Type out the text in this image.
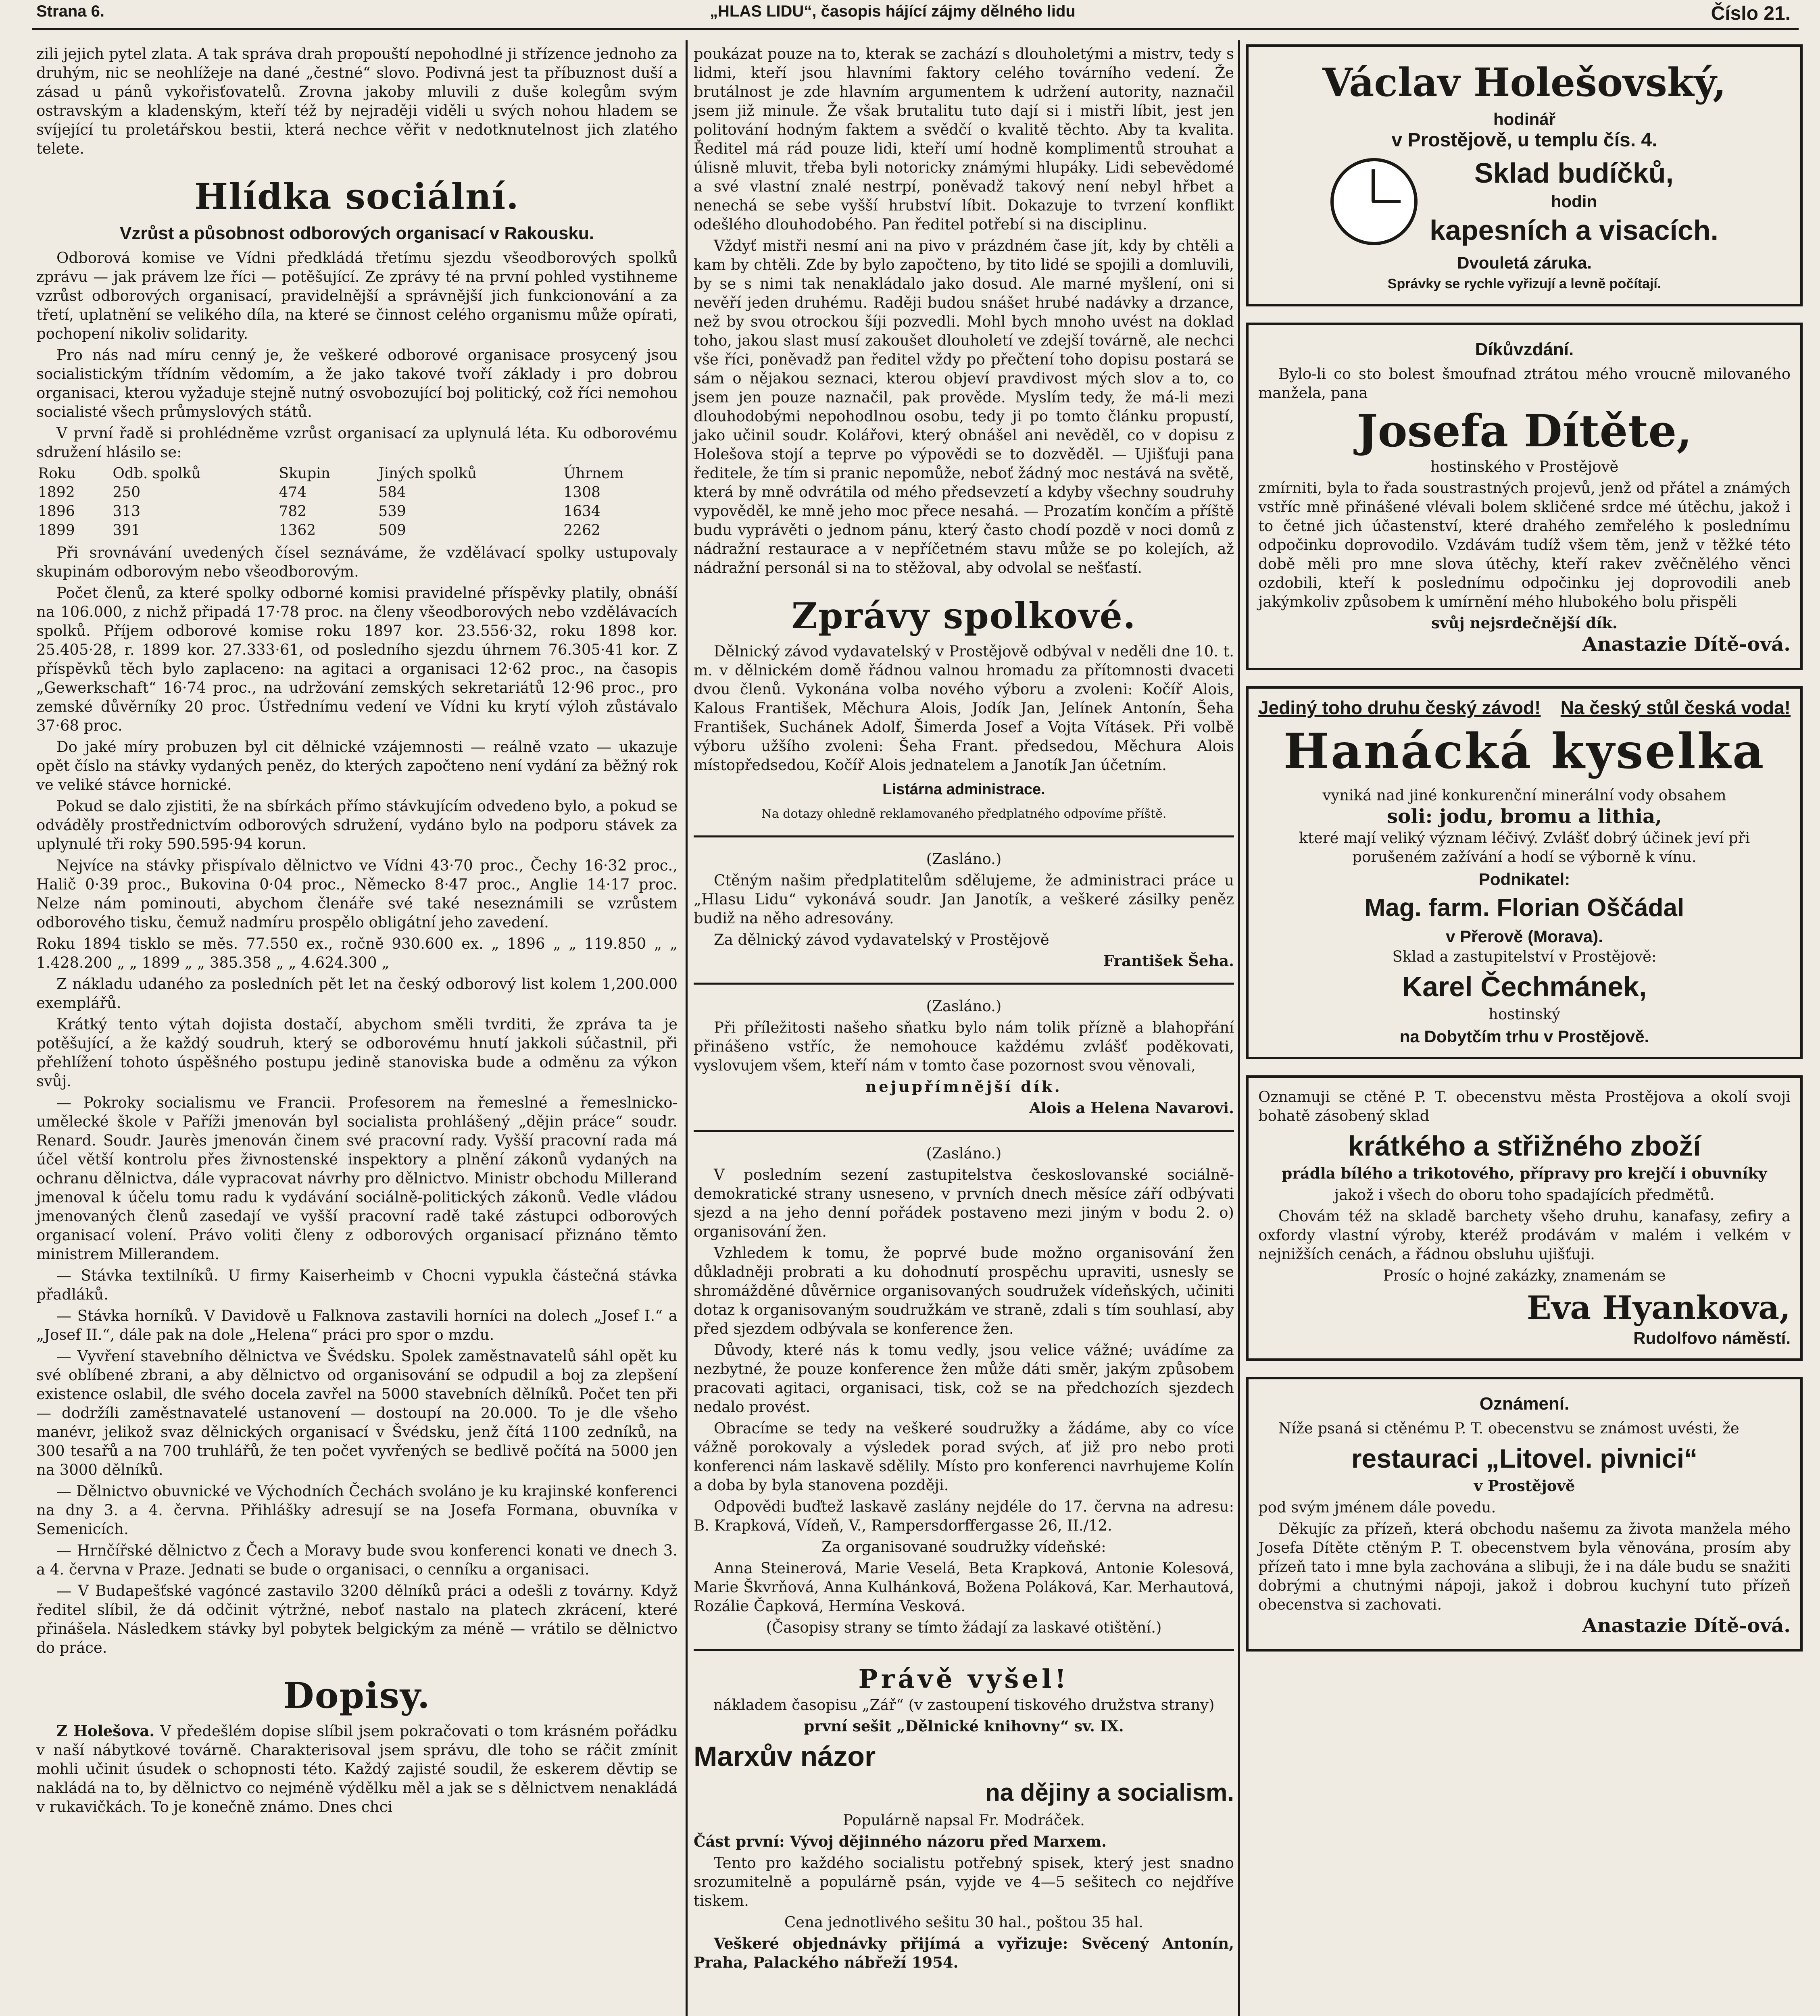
Strana 6.	„HLAS LIDU“, časopis hájící zájmy dělného lidu	Číslo 21.

zili jejich pytel zlata. A tak správa drah propouští nepohodlné ji střízence jednoho za druhým, nic se neohlížeje na dané „čestné“ slovo. Podivná jest ta příbuznost duší a zásad u pánů vykořisťovatelů. Zrovna jakoby mluvili z duše kolegům svým ostravským a kladenským, kteří též by nejraději viděli u svých nohou hladem se svíjející tu proletářskou bestii, která nechce věřit v nedotknutelnost jich zlatého telete.

Hlídka sociální.
Vzrůst a působnost odborových organisací v Rakousku.

Odborová komise ve Vídni předkládá třetímu sjezdu všeodborových spolků zprávu — jak právem lze říci — potěšující. Ze zprávy té na první pohled vystihneme vzrůst odborových organisací, pravidelnější a správnější jich funkcionování a za třetí, uplatnění se velikého díla, na které se činnost celého organismu může opírati, pochopení nikoliv solidarity.

Pro nás nad míru cenný je, že veškeré odborové organisace prosycený jsou socialistickým třídním vědomím, a že jako takové tvoří základy i pro dobrou organisaci, kterou vyžaduje stejně nutný osvobozující boj politický, což říci nemohou socialisté všech průmyslových států.

V první řadě si prohlédněme vzrůst organisací za uplynulá léta. Ku odborovému sdružení hlásilo se:

Roku	Odb. spolků	Skupin	Jiných spolků	Úhrnem
1892	250	474	584	1308
1896	313	782	539	1634
1899	391	1362	509	2262

Při srovnávání uvedených čísel seznáváme, že vzdělávací spolky ustupovaly skupinám odborovým nebo všeodborovým.

Počet členů, za které spolky odborné komisi pravidelné příspěvky platily, obnáší na 106.000, z nichž připadá 17·78 proc. na členy všeodborových nebo vzdělávacích spolků. Příjem odborové komise roku 1897 kor. 23.556·32, roku 1898 kor. 25.405·28, r. 1899 kor. 27.333·61, od posledního sjezdu úhrnem 76.305·41 kor. Z příspěvků těch bylo zaplaceno: na agitaci a organisaci 12·62 proc., na časopis „Gewerkschaft“ 16·74 proc., na udržování zemských sekretariátů 12·96 proc., pro zemské důvěrníky 20 proc. Ústřednímu vedení ve Vídni ku krytí výloh zůstávalo 37·68 proc.

Do jaké míry probuzen byl cit dělnické vzájemnosti — reálně vzato — ukazuje opět číslo na stávky vydaných peněz, do kterých započteno není vydání za běžný rok ve veliké stávce hornické.

Pokud se dalo zjistiti, že na sbírkách přímo stávkujícím odvedeno bylo, a pokud se odváděly prostřednictvím odborových sdružení, vydáno bylo na podporu stávek za uplynulé tři roky 590.595·94 korun.

Nejvíce na stávky přispívalo dělnictvo ve Vídni 43·70 proc., Čechy 16·32 proc., Halič 0·39 proc., Bukovina 0·04 proc., Německo 8·47 proc., Anglie 14·17 proc. Nelze nám pominouti, abychom členáře své také neseznámili se vzrůstem odborového tisku, čemuž nadmíru prospělo obligátní jeho zavedení.

Roku 1894 tisklo se měs. 77.550 ex., ročně 930.600 ex. „ 1896 „ „ 119.850 „ „ 1.428.200 „ „ 1899 „ „ 385.358 „ „ 4.624.300 „

Z nákladu udaného za posledních pět let na český odborový list kolem 1,200.000 exemplářů.

Krátký tento výtah dojista dostačí, abychom směli tvrditi, že zpráva ta je potěšující, a že každý soudruh, který se odborovému hnutí jakkoli súčastnil, při přehlížení tohoto úspěšného postupu jedině stanoviska bude a odměnu za výkon svůj.

— Pokroky socialismu ve Francii. Profesorem na řemeslné a řemeslnicko-umělecké škole v Paříži jmenován byl socialista prohlášený „dějin práce“ soudr. Renard. Soudr. Jaurès jmenován činem své pracovní rady. Vyšší pracovní rada má účel větší kontrolu přes živnostenské inspektory a plnění zákonů vydaných na ochranu dělnictva, dále vypracovat návrhy pro dělnictvo. Ministr obchodu Millerand jmenoval k účelu tomu radu k vydávání sociálně-politických zákonů. Vedle vládou jmenovaných členů zasedají ve vyšší pracovní radě také zástupci odborových organisací volení. Právo voliti členy z odborových organisací přiznáno těmto ministrem Millerandem.

— Stávka textilníků. U firmy Kaiserheimb v Chocni vypukla částečná stávka přadláků.

— Stávka horníků. V Davidově u Falknova zastavili horníci na dolech „Josef I.“ a „Josef II.“, dále pak na dole „Helena“ práci pro spor o mzdu.

— Vyvření stavebního dělnictva ve Švédsku. Spolek zaměstnavatelů sáhl opět ku své oblíbené zbrani, a aby dělnictvo od organisování se odpudil a boj za zlepšení existence oslabil, dle svého docela zavřel na 5000 stavebních dělníků. Počet ten při — dodržíli zaměstnavatelé ustanovení — dostoupí na 20.000. To je dle všeho manévr, jelikož svaz dělnických organisací v Švédsku, jenž čítá 1100 zedníků, na 300 tesařů a na 700 truhlářů, že ten počet vyvřených se bedlivě počítá na 5000 jen na 3000 dělníků.

— Dělnictvo obuvnické ve Východních Čechách svoláno je ku krajinské konferenci na dny 3. a 4. června. Přihlášky adresují se na Josefa Formana, obuvníka v Semenicích.

— Hrnčířské dělnictvo z Čech a Moravy bude svou konferenci konati ve dnech 3. a 4. června v Praze. Jednati se bude o organisaci, o cenníku a organisaci.

— V Budapešťské vagóncé zastavilo 3200 dělníků práci a odešli z továrny. Když ředitel slíbil, že dá odčinit výtržné, neboť nastalo na platech zkrácení, které přinášela. Následkem stávky byl pobytek belgickým za méně — vrátilo se dělnictvo do práce.

Dopisy.

Z Holešova. V předešlém dopise slíbil jsem pokračovati o tom krásném pořádku v naší nábytkové továrně. Charakterisoval jsem správu, dle toho se ráčit zmínit mohli učinit úsudek o schopnosti této. Každý zajisté soudil, že eskerem děvtip se nakládá na to, by dělnictvo co nejméně výdělku měl a jak se s dělnictvem nenakládá v rukavičkách. To je konečně známo. Dnes chci

poukázat pouze na to, kterak se zachází s dlouholetými a mistrv, tedy s lidmi, kteří jsou hlavními faktory celého továrního vedení. Že brutálnost je zde hlavním argumentem k udržení autority, naznačil jsem již minule. Že však brutalitu tuto dají si i mistři líbit, jest jen politování hodným faktem a svědčí o kvalitě těchto. Aby ta kvalita. Ředitel má rád pouze lidi, kteří umí hodně komplimentů strouhat a úlisně mluvit, třeba byli notoricky známými hlupáky. Lidi sebevědomé a své vlastní znalé nestrpí, poněvadž takový není nebyl hřbet a nenechá se sebe vyšší hrubství líbit. Dokazuje to tvrzení konflikt odešlého dlouhodobého. Pan ředitel potřebí si na disciplinu.

Vždyť mistři nesmí ani na pivo v prázdném čase jít, kdy by chtěli a kam by chtěli. Zde by bylo započteno, by tito lidé se spojili a domluvili, by se s nimi tak nenakládalo jako dosud. Ale marné myšlení, oni si nevěří jeden druhému. Raději budou snášet hrubé nadávky a drzance, než by svou otrockou šíji pozvedli. Mohl bych mnoho uvést na doklad toho, jakou slast musí zakoušet dlouholetí ve zdejší továrně, ale nechci vše říci, poněvadž pan ředitel vždy po přečtení toho dopisu postará se sám o nějakou seznaci, kterou objeví pravdivost mých slov a to, co jsem jen pouze naznačil, pak prověde. Myslím tedy, že má-li mezi dlouhodobými nepohodlnou osobu, tedy ji po tomto článku propustí, jako učinil soudr. Kolářovi, který obnášel ani nevěděl, co v dopisu z Holešova stojí a teprve po výpovědi se to dozvěděl. — Ujišťuji pana ředitele, že tím si pranic nepomůže, neboť žádný moc nestává na světě, která by mně odvrátila od mého předsevzetí a kdyby všechny soudruhy vypověděl, ke mně jeho moc přece nesahá. — Prozatím končím a příště budu vyprávěti o jednom pánu, který často chodí pozdě v noci domů z nádražní restaurace a v nepříčetném stavu může se po kolejích, až nádražní personál si na to stěžoval, aby odvolal se nešťastí.

Zprávy spolkové.

Dělnický závod vydavatelský v Prostějově odbýval v neděli dne 10. t. m. v dělnickém domě řádnou valnou hromadu za přítomnosti dvaceti dvou členů. Vykonána volba nového výboru a zvoleni: Kočíř Alois, Kalous František, Měchura Alois, Jodík Jan, Jelínek Antonín, Šeha František, Suchánek Adolf, Šimerda Josef a Vojta Vításek. Při volbě výboru užšího zvoleni: Šeha Frant. předsedou, Měchura Alois místopředsedou, Kočíř Alois jednatelem a Janotík Jan účetním.

Listárna administrace.

Na dotazy ohledně reklamovaného předplatného odpovíme příště.

(Zasláno.)

Ctěným našim předplatitelům sdělujeme, že administraci práce u „Hlasu Lidu“ vykonává soudr. Jan Janotík, a veškeré zásilky peněz budiž na něho adresovány.

Za dělnický závod vydavatelský v Prostějově

František Šeha.

(Zasláno.)

Při příležitosti našeho sňatku bylo nám tolik přízně a blahopřání přinášeno vstříc, že nemohouce každému zvlášť poděkovati, vyslovujem všem, kteří nám v tomto čase pozornost svou věnovali,

nejupřímnější dík.

Alois a Helena Navarovi.

(Zasláno.)

V posledním sezení zastupitelstva českoslovanské sociálně-demokratické strany usneseno, v prvních dnech měsíce září odbývati sjezd a na jeho denní pořádek postaveno mezi jiným v bodu 2. o) organisování žen.

Vzhledem k tomu, že poprvé bude možno organisování žen důkladněji probrati a ku dohodnutí prospěchu upraviti, usnesly se shromážděné důvěrnice organisovaných soudružek vídeňských, učiniti dotaz k organisovaným soudružkám ve straně, zdali s tím souhlasí, aby před sjezdem odbývala se konference žen.

Důvody, které nás k tomu vedly, jsou velice vážné; uvádíme za nezbytné, že pouze konference žen může dáti směr, jakým způsobem pracovati agitaci, organisaci, tisk, což se na předchozích sjezdech nedalo provést.

Obracíme se tedy na veškeré soudružky a žádáme, aby co více vážně porokovaly a výsledek porad svých, ať již pro nebo proti konferenci nám laskavě sdělily. Místo pro konferenci navrhujeme Kolín a doba by byla stanovena později.

Odpovědi buďtež laskavě zaslány nejdéle do 17. června na adresu: B. Krapková, Vídeň, V., Rampersdorffergasse 26, II./12.

Za organisované soudružky vídeňské:

Anna Steinerová, Marie Veselá, Beta Krapková, Antonie Kolesová, Marie Škvrňová, Anna Kulhánková, Božena Poláková, Kar. Merhautová, Rozálie Čapková, Hermína Vesková.

(Časopisy strany se tímto žádají za laskavé otištění.)

Právě vyšel!

nákladem časopisu „Zář“ (v zastoupení tiskového družstva strany)

první sešit „Dělnické knihovny“ sv. IX.

Marxův názor
na dějiny a socialism.

Populárně napsal Fr. Modráček.

Část první: Vývoj dějinného názoru před Marxem.

Tento pro každého socialistu potřebný spisek, který jest snadno srozumitelně a populárně psán, vyjde ve 4—5 sešitech co nejdříve tiskem.

Cena jednotlivého sešitu 30 hal., poštou 35 hal.

Veškeré objednávky přijímá a vyřizuje: Svěcený Antonín, Praha, Palackého nábřeží 1954.

Václav Holešovský,
hodinář
v Prostějově, u templu čís. 4.
Sklad budíčků,
hodin
kapesních a visacích.
Dvouletá záruka.
Správky se rychle vyřizují a levně počítají.
Díkůvzdání.

Bylo-li co sto bolest šmoufnad ztrátou mého vroucně milovaného manžela, pana

Josefa Dítěte,

hostinského v Prostějově

zmírniti, byla to řada soustrastných projevů, jenž od přátel a známých vstříc mně přinášené vlévali bolem skličené srdce mé útěchu, jakož i to četné jich účastenství, které drahého zemřelého k poslednímu odpočinku doprovodilo. Vzdávám tudíž všem těm, jenž v těžké této době měli pro mne slova útěchy, kteří rakev zvěčnělého věnci ozdobili, kteří k poslednímu odpočinku jej doprovodili aneb jakýmkoliv způsobem k umírnění mého hlubokého bolu přispěli

svůj nejsrdečnější dík.

Anastazie Dítě-ová.

Jediný toho druhu český závod! Na český stůl česká voda!
Hanácká kyselka

vyniká nad jiné konkurenční minerální vody obsahem

soli: jodu, bromu a lithia,

které mají veliký význam léčivý. Zvlášť dobrý účinek jeví při porušeném zažívání a hodí se výborně k vínu.

Podnikatel:
Mag. farm. Florian Oščádal
v Přerově (Morava).

Sklad a zastupitelství v Prostějově:

Karel Čechmánek,

hostinský

na Dobytčím trhu v Prostějově.

Oznamuji se ctěné P. T. obecenstvu města Prostějova a okolí svoji bohatě zásobený sklad

krátkého a střižného zboží

prádla bílého a trikotového, přípravy pro krejčí i obuvníky

jakož i všech do oboru toho spadajících předmětů.

Chovám též na skladě barchety všeho druhu, kanafasy, zefiry a oxfordy vlastní výroby, kteréž prodávám v malém i velkém v nejnižších cenách, a řádnou obsluhu ujišťuji.

Prosíc o hojné zakázky, znamenám se

Eva Hyankova,
Rudolfovo náměstí.
Oznámení.

Níže psaná si ctěnému P. T. obecenstvu se známost uvésti, že

restauraci „Litovel. pivnici“

v Prostějově

pod svým jménem dále povedu.

Děkujíc za přízeň, která obchodu našemu za života manžela mého Josefa Dítěte ctěným P. T. obecenstvem byla věnována, prosím aby přízeň tato i mne byla zachována a slibuji, že i na dále budu se snažiti dobrými a chutnými nápoji, jakož i dobrou kuchyní tuto přízeň obecenstva si zachovati.

Anastazie Dítě-ová.
